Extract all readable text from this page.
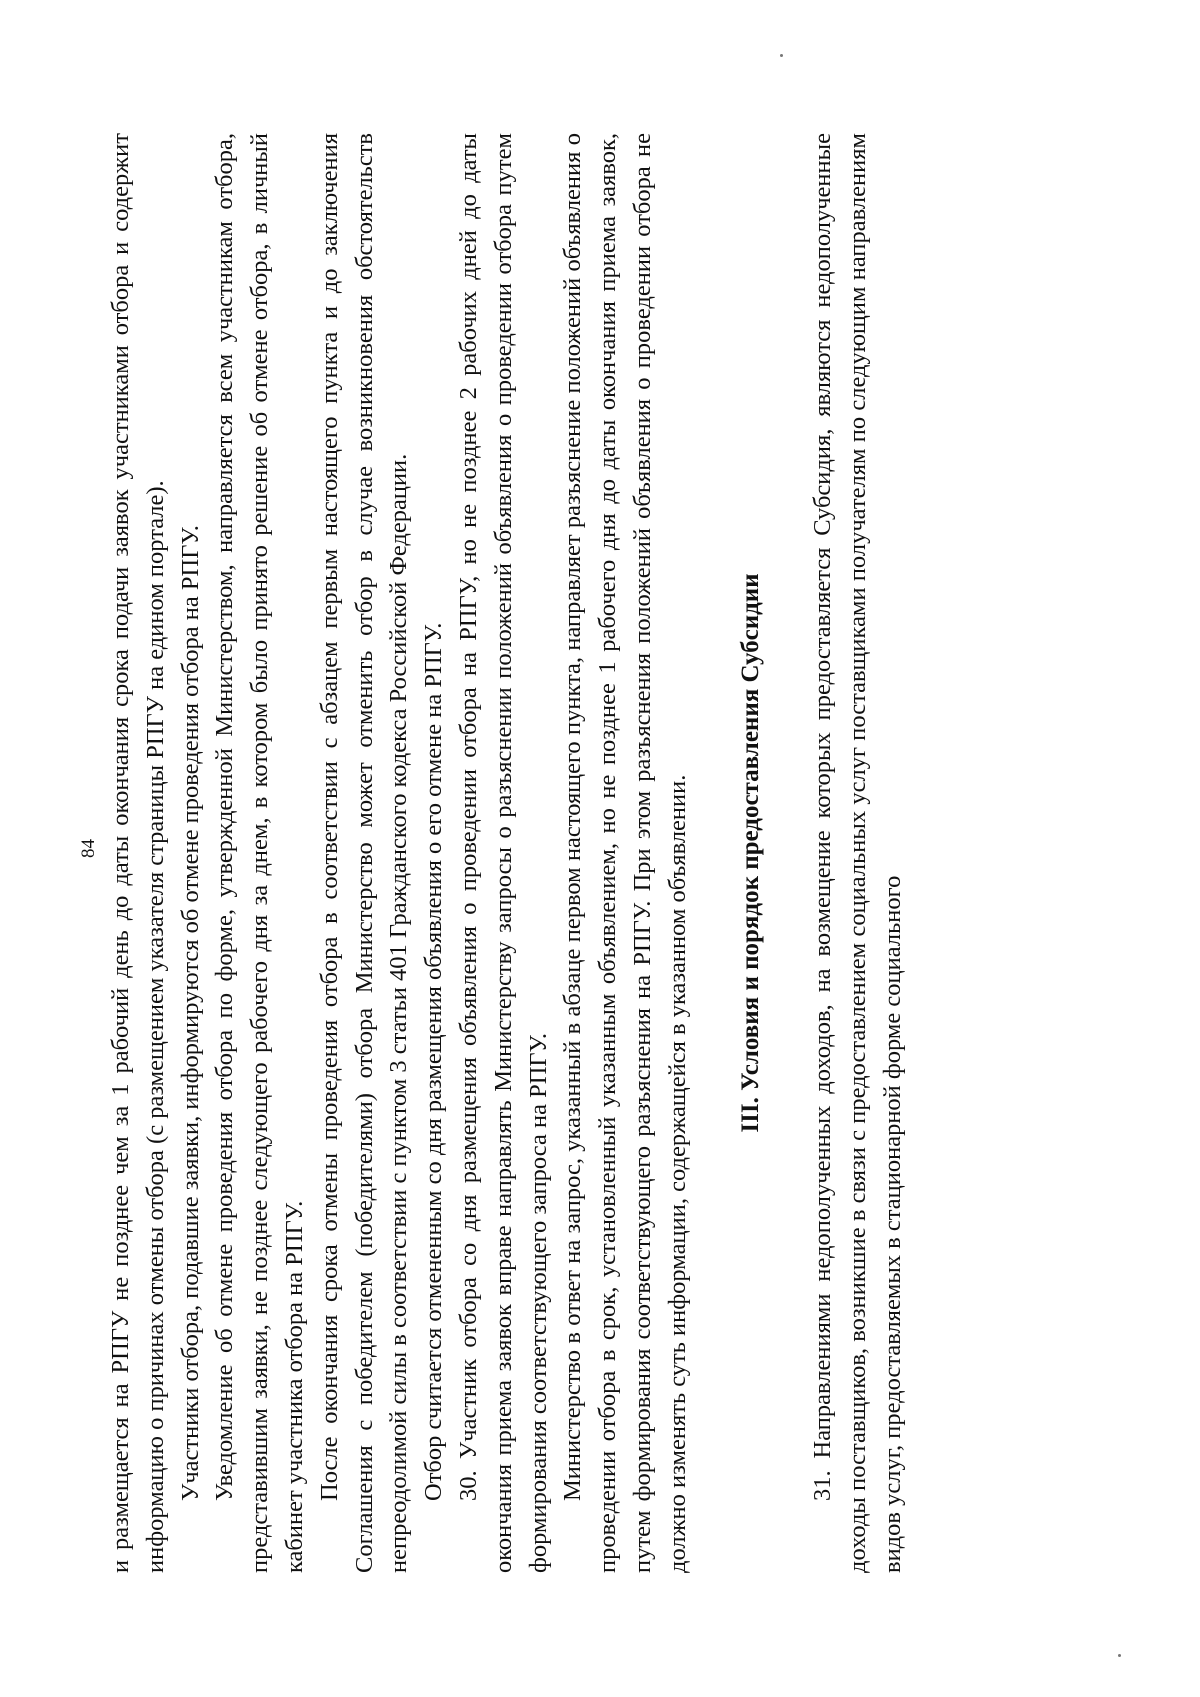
84 и размещается на РПГУ не позднее чем за 1 рабочий день до даты окончания срока подачи заявок участниками отбора и содержит информацию о причинах отмены отбора (с размещением указателя страницы РПГУ на едином портале). Участники отбора, подавшие заявки, информируются об отмене проведения отбора на РПГУ. Уведомление об отмене проведения отбора по форме, утвержденной Министерством, направляется всем участникам отбора, представившим заявки, не позднее следующего рабочего дня за днем, в котором было принято решение об отмене отбора, в личный кабинет участника отбора на РПГУ. После окончания срока отмены проведения отбора в соответствии с абзацем первым настоящего пункта и до заключения Соглашения с победителем (победителями) отбора Министерство может отменить отбор в случае возникновения обстоятельств непреодолимой силы в соответствии с пунктом 3 статьи 401 Гражданского кодекса Российской Федерации. Отбор считается отмененным со дня размещения объявления о его отмене на РПГУ. 30. Участник отбора со дня размещения объявления о проведении отбора на РПГУ, но не позднее 2 рабочих дней до даты окончания приема заявок вправе направлять Министерству запросы о разъяснении положений объявления о проведении отбора путем формирования соответствующего запроса на РПГУ. Министерство в ответ на запрос, указанный в абзаце первом настоящего пункта, направляет разъяснение положений объявления о проведении отбора в срок, установленный указанным объявлением, но не позднее 1 рабочего дня до даты окончания приема заявок, путем формирования соответствующего разъяснения на РПГУ. При этом разъяснения положений объявления о проведении отбора не должно изменять суть информации, содержащейся в указанном объявлении. III. Условия и порядок предоставления Субсидии 31. Направлениями недополученных доходов, на возмещение которых предоставляется Субсидия, являются недополученные доходы поставщиков, возникшие в связи с предоставлением социальных услуг поставщиками получателям по следующим направлениям видов услуг, предоставляемых в стационарной форме социального
